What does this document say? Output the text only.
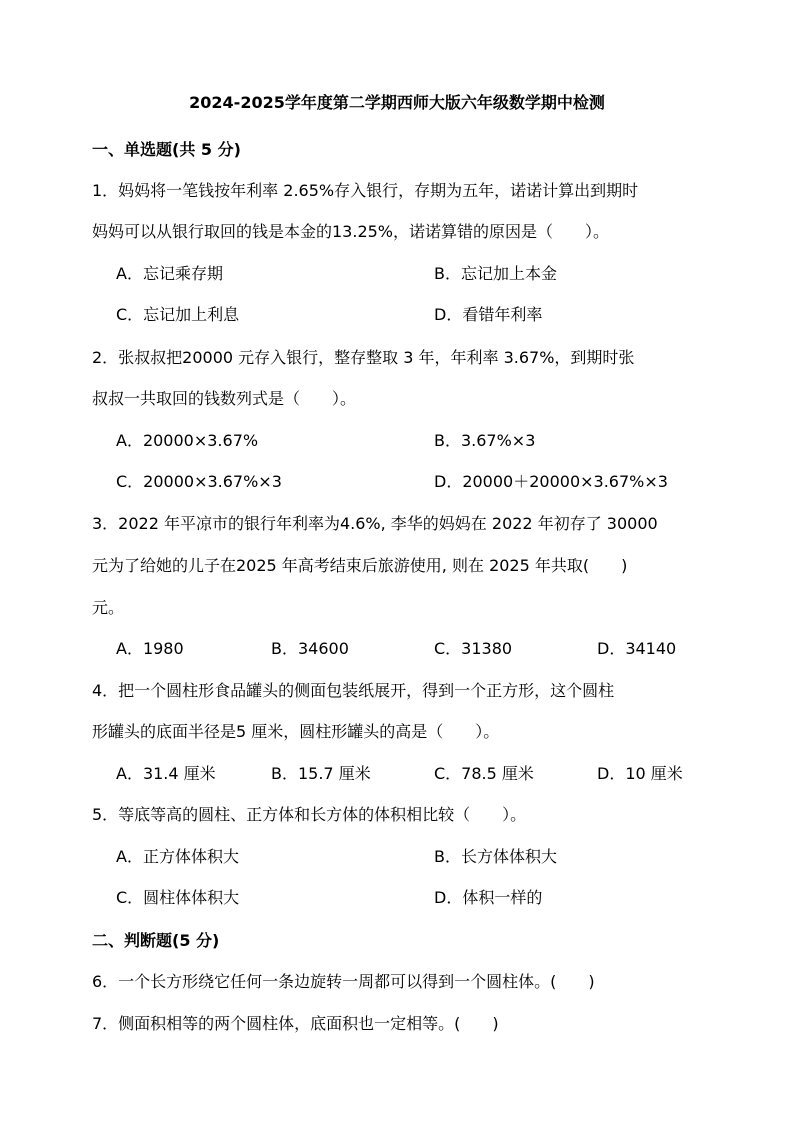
2024-2025学年度第二学期西师大版六年级数学期中检测
一、单选题(共 5 分)
1．妈妈将一笔钱按年利率 2.65%存入银行，存期为五年，诺诺计算出到期时
妈妈可以从银行取回的钱是本金的13.25%，诺诺算错的原因是（　　）。
A．忘记乘存期	B．忘记加上本金
C．忘记加上利息	D．看错年利率
2．张叔叔把20000 元存入银行，整存整取 3 年，年利率 3.67%，到期时张
叔叔一共取回的钱数列式是（　　）。
A．20000×3.67%	B．3.67%×3
C．20000×3.67%×3	D．20000＋20000×3.67%×3
3．2022 年平凉市的银行年利率为4.6%, 李华的妈妈在 2022 年初存了 30000
元为了给她的儿子在2025 年高考结束后旅游使用, 则在 2025 年共取(　　)
元。
A．1980	B．34600	C．31380	D．34140
4．把一个圆柱形食品罐头的侧面包装纸展开，得到一个正方形，这个圆柱
形罐头的底面半径是5 厘米，圆柱形罐头的高是（　　）。
A．31.4 厘米	B．15.7 厘米	C．78.5 厘米	D．10 厘米
5．等底等高的圆柱、正方体和长方体的体积相比较（　　）。
A．正方体体积大	B．长方体体积大
C．圆柱体体积大	D．体积一样的
二、判断题(5 分)
6．一个长方形绕它任何一条边旋转一周都可以得到一个圆柱体。(　　)
7．侧面积相等的两个圆柱体，底面积也一定相等。(　　)
